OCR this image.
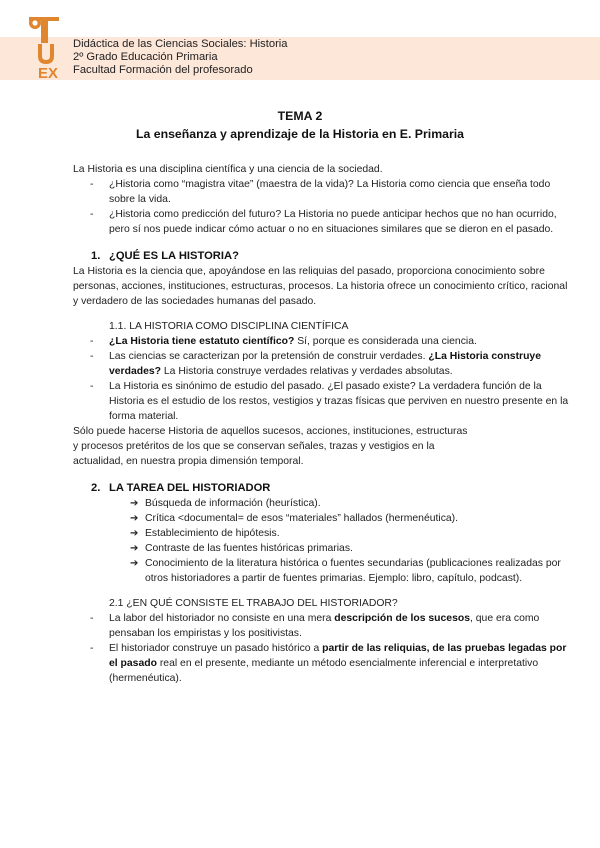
EX
Didáctica de las Ciencias Sociales: Historia
2º Grado Educación Primaria
Facultad Formación del profesorado
TEMA 2
La enseñanza y aprendizaje de la Historia en E. Primaria

La Historia es una disciplina científica y una ciencia de la sociedad.

- ¿Historia como “magistra vitae” (maestra de la vida)? La Historia como ciencia que enseña todo sobre la vida.
- ¿Historia como predicción del futuro? La Historia no puede anticipar hechos que no han ocurrido, pero sí nos puede indicar cómo actuar o no en situaciones similares que se dieron en el pasado.
1. ¿QUÉ ES LA HISTORIA?

La Historia es la ciencia que, apoyándose en las reliquias del pasado, proporciona conocimiento sobre personas, acciones, instituciones, estructuras, procesos. La historia ofrece un conocimiento crítico, racional y verdadero de las sociedades humanas del pasado.

1.1. LA HISTORIA COMO DISCIPLINA CIENTÍFICA
- ¿La Historia tiene estatuto científico? Sí, porque es considerada una ciencia.
- Las ciencias se caracterizan por la pretensión de construir verdades. ¿La Historia construye verdades? La Historia construye verdades relativas y verdades absolutas.
- La Historia es sinónimo de estudio del pasado. ¿El pasado existe? La verdadera función de la Historia es el estudio de los restos, vestigios y trazas físicas que perviven en nuestro presente en la forma material.

Sólo puede hacerse Historia de aquellos sucesos, acciones, instituciones, estructuras y procesos pretéritos de los que se conservan señales, trazas y vestigios en la actualidad, en nuestra propia dimensión temporal.

2. LA TAREA DEL HISTORIADOR
➔ Búsqueda de información (heurística).
➔ Crítica <documental= de esos “materiales” hallados (hermenéutica).
➔ Establecimiento de hipótesis.
➔ Contraste de las fuentes históricas primarias.
➔ Conocimiento de la literatura histórica o fuentes secundarias (publicaciones realizadas por otros historiadores a partir de fuentes primarias. Ejemplo: libro, capítulo, podcast).
2.1 ¿EN QUÉ CONSISTE EL TRABAJO DEL HISTORIADOR?
- La labor del historiador no consiste en una mera descripción de los sucesos, que era como pensaban los empiristas y los positivistas.
- El historiador construye un pasado histórico a partir de las reliquias, de las pruebas legadas por el pasado real en el presente, mediante un método esencialmente inferencial e interpretativo (hermenéutica).
